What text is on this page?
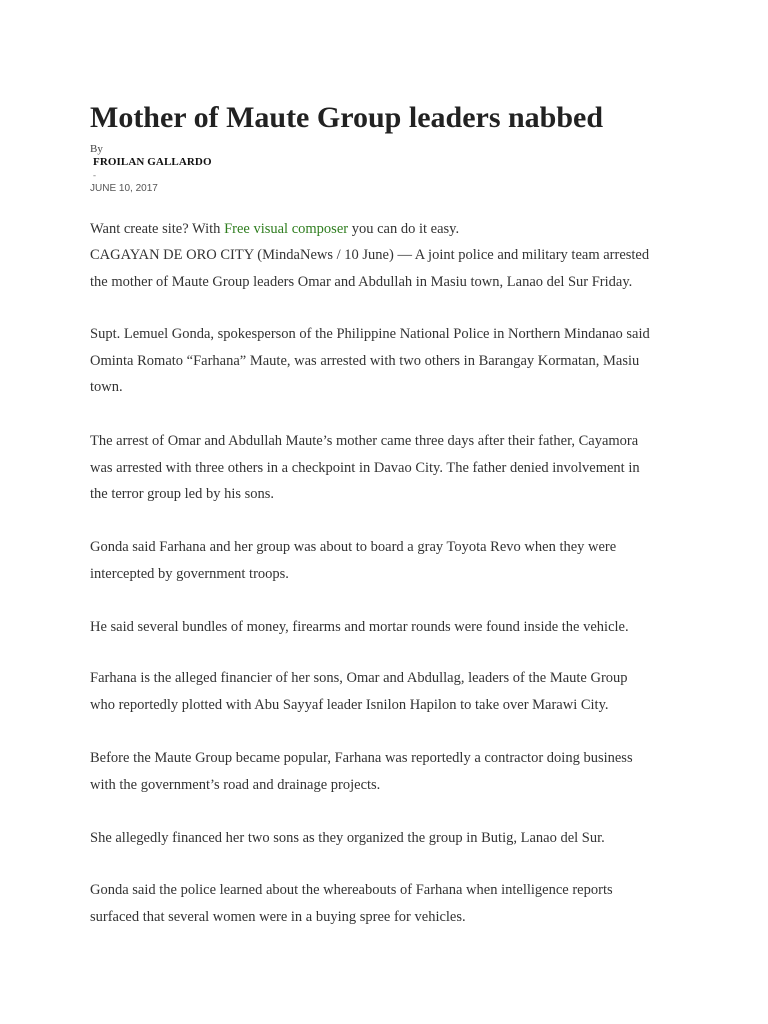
Mother of Maute Group leaders nabbed
By
FROILAN GALLARDO
-
JUNE 10, 2017
Want create site? With Free visual composer you can do it easy.

CAGAYAN DE ORO CITY (MindaNews / 10 June) — A joint police and military team arrested
the mother of Maute Group leaders Omar and Abdullah in Masiu town, Lanao del Sur Friday.

Supt. Lemuel Gonda, spokesperson of the Philippine National Police in Northern Mindanao said
Ominta Romato “Farhana” Maute, was arrested with two others in Barangay Kormatan, Masiu
town.

The arrest of Omar and Abdullah Maute’s mother came three days after their father, Cayamora
was arrested with three others in a checkpoint in Davao City. The father denied involvement in
the terror group led by his sons.

Gonda said Farhana and her group was about to board a gray Toyota Revo when they were
intercepted by government troops.

He said several bundles of money, firearms and mortar rounds were found inside the vehicle.

Farhana is the alleged financier of her sons, Omar and Abdullag, leaders of the Maute Group
who reportedly plotted with Abu Sayyaf leader Isnilon Hapilon to take over Marawi City.

Before the Maute Group became popular, Farhana was reportedly a contractor doing business
with the government’s road and drainage projects.

She allegedly financed her two sons as they organized the group in Butig, Lanao del Sur.

Gonda said the police learned about the whereabouts of Farhana when intelligence reports
surfaced that several women were in a buying spree for vehicles.
